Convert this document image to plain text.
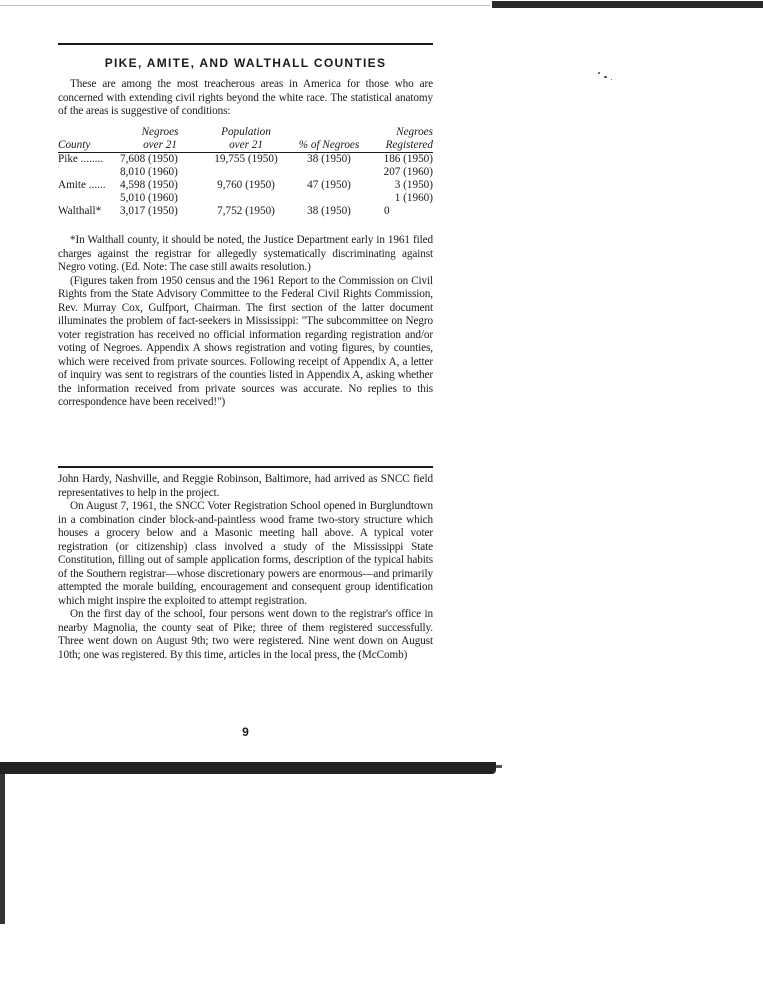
PIKE, AMITE, AND WALTHALL COUNTIES

These are among the most treacherous areas in America for those who are concerned with extending civil rights beyond the white race. The statistical anatomy of the areas is suggestive of conditions:

	Negroes	Population		Negroes
County	over 21	over 21	% of Negroes	Registered

Pike ........	7,608 (1950)	19,755 (1950)	38 (1950)	186 (1950)
	8,010 (1960)			207 (1960)
Amite ......	4,598 (1950)	9,760 (1950)	47 (1950)	3 (1950)
	5,010 (1960)			1 (1960)
Walthall*	3,017 (1950)	7,752 (1950)	38 (1950)	0

*In Walthall county, it should be noted, the Justice Department early in 1961 filed charges against the registrar for allegedly systematically discriminating against Negro voting. (Ed. Note: The case still awaits resolution.)

(Figures taken from 1950 census and the 1961 Report to the Commission on Civil Rights from the State Advisory Committee to the Federal Civil Rights Commission, Rev. Murray Cox, Gulfport, Chairman. The first section of the latter document illuminates the problem of fact-seekers in Mississippi: "The subcommittee on Negro voter registration has received no official information regarding registration and/or voting of Negroes. Appendix A shows registration and voting figures, by counties, which were received from private sources. Following receipt of Appendix A, a letter of inquiry was sent to registrars of the counties listed in Appendix A, asking whether the information received from private sources was accurate. No replies to this correspondence have been received!")

John Hardy, Nashville, and Reggie Robinson, Baltimore, had arrived as SNCC field representatives to help in the project.

On August 7, 1961, the SNCC Voter Registration School opened in Burglundtown in a combination cinder block-and-paintless wood frame two-story structure which houses a grocery below and a Masonic meeting hall above. A typical voter registration (or citizenship) class involved a study of the Mississippi State Constitution, filling out of sample application forms, description of the typical habits of the Southern registrar—whose discretionary powers are enormous—and primarily attempted the morale building, encouragement and consequent group identification which might inspire the exploited to attempt registration.

On the first day of the school, four persons went down to the registrar's office in nearby Magnolia, the county seat of Pike; three of them registered successfully. Three went down on August 9th; two were registered. Nine went down on August 10th; one was registered. By this time, articles in the local press, the (McComb)

9
